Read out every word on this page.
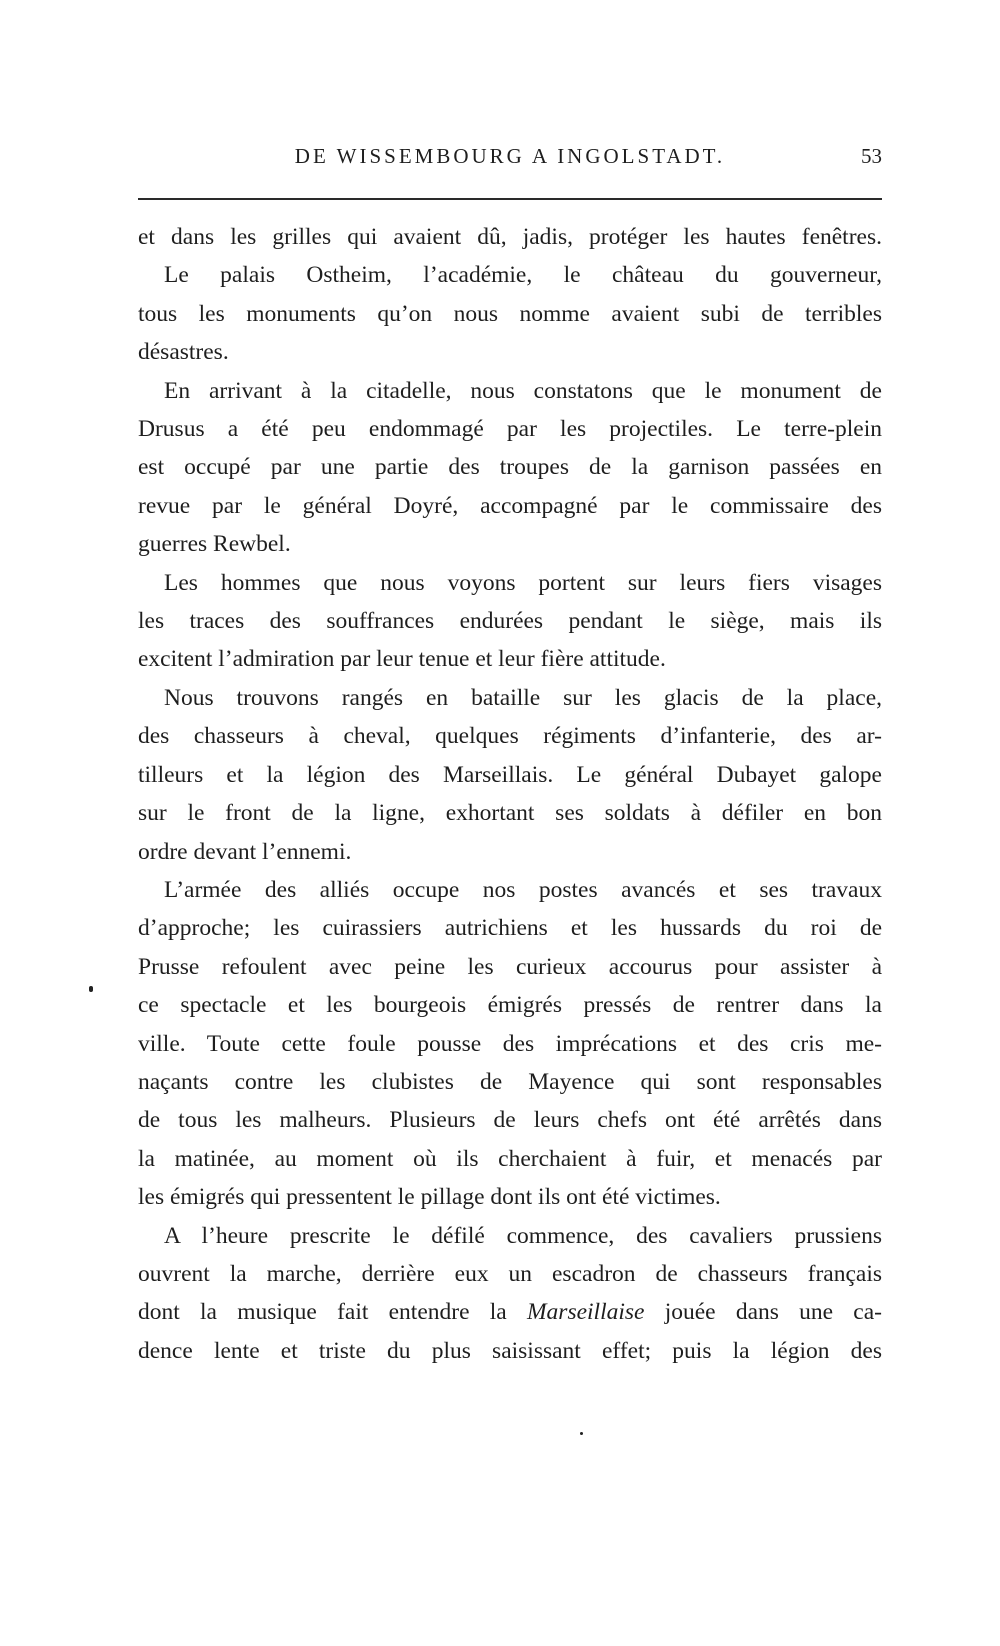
DE WISSEMBOURG A INGOLSTADT.	53
et dans les grilles qui avaient dû, jadis, protéger les hautes fenêtres.
Le palais Ostheim, l’académie, le château du gouverneur,
tous les monuments qu’on nous nomme avaient subi de terribles
désastres.
En arrivant à la citadelle, nous constatons que le monument de
Drusus a été peu endommagé par les projectiles. Le terre-plein
est occupé par une partie des troupes de la garnison passées en
revue par le général Doyré, accompagné par le commissaire des
guerres Rewbel.
Les hommes que nous voyons portent sur leurs fiers visages
les traces des souffrances endurées pendant le siège, mais ils
excitent l’admiration par leur tenue et leur fière attitude.
Nous trouvons rangés en bataille sur les glacis de la place,
des chasseurs à cheval, quelques régiments d’infanterie, des ar-
tilleurs et la légion des Marseillais. Le général Dubayet galope
sur le front de la ligne, exhortant ses soldats à défiler en bon
ordre devant l’ennemi.
L’armée des alliés occupe nos postes avancés et ses travaux
d’approche; les cuirassiers autrichiens et les hussards du roi de
Prusse refoulent avec peine les curieux accourus pour assister à
ce spectacle et les bourgeois émigrés pressés de rentrer dans la
ville. Toute cette foule pousse des imprécations et des cris me-
naçants contre les clubistes de Mayence qui sont responsables
de tous les malheurs. Plusieurs de leurs chefs ont été arrêtés dans
la matinée, au moment où ils cherchaient à fuir, et menacés par
les émigrés qui pressentent le pillage dont ils ont été victimes.
A l’heure prescrite le défilé commence, des cavaliers prussiens
ouvrent la marche, derrière eux un escadron de chasseurs français
dont la musique fait entendre la Marseillaise jouée dans une ca-
dence lente et triste du plus saisissant effet; puis la légion des
